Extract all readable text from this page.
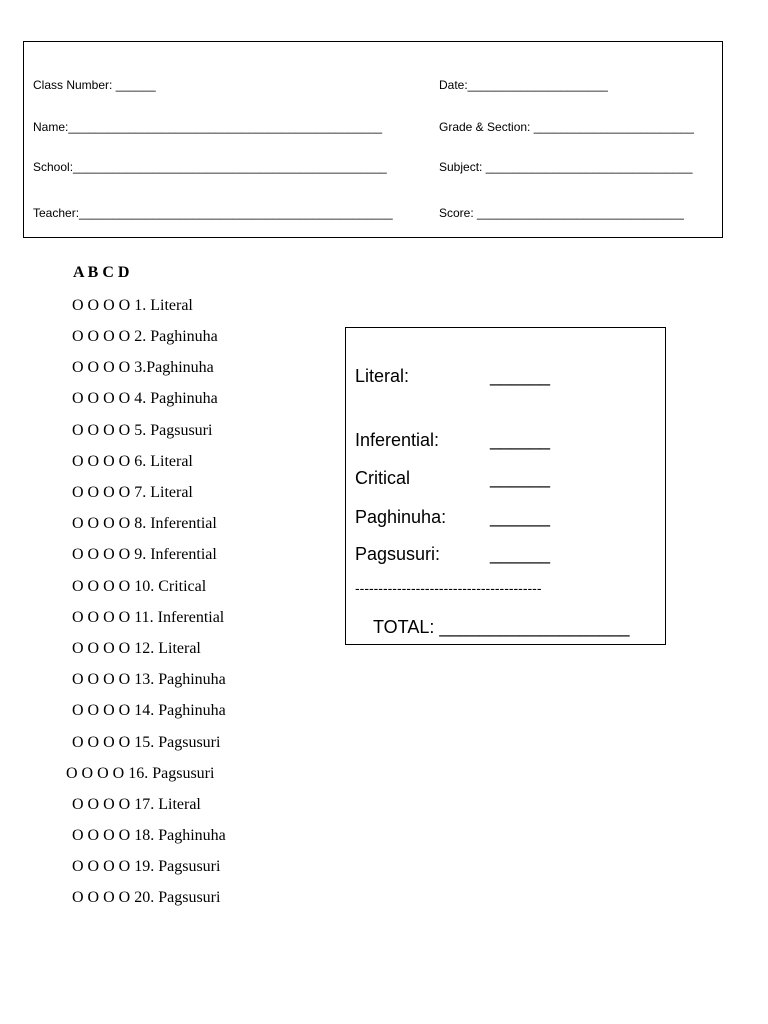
Class Number: ______	Date:_____________________
Name:_______________________________________________	Grade & Section: ________________________
School:_______________________________________________	Subject: _______________________________
Teacher:_______________________________________________	Score: _______________________________
A B C D
O O O O 1. Literal
O O O O 2. Paghinuha
O O O O 3.Paghinuha
O O O O 4. Paghinuha
O O O O 5. Pagsusuri
O O O O 6. Literal
O O O O 7. Literal
O O O O 8. Inferential
O O O O 9. Inferential
O O O O 10. Critical
O O O O 11. Inferential
O O O O 12. Literal
O O O O 13. Paghinuha
O O O O 14. Paghinuha
O O O O 15. Pagsusuri
O O O O 16. Pagsusuri
O O O O 17. Literal
O O O O 18. Paghinuha
O O O O 19. Pagsusuri
O O O O 20. Pagsusuri
Literal:	______
Inferential:	______
Critical	______
Paghinuha: ______
Pagsusuri:	______
----------------------------------------
TOTAL: ___________________
